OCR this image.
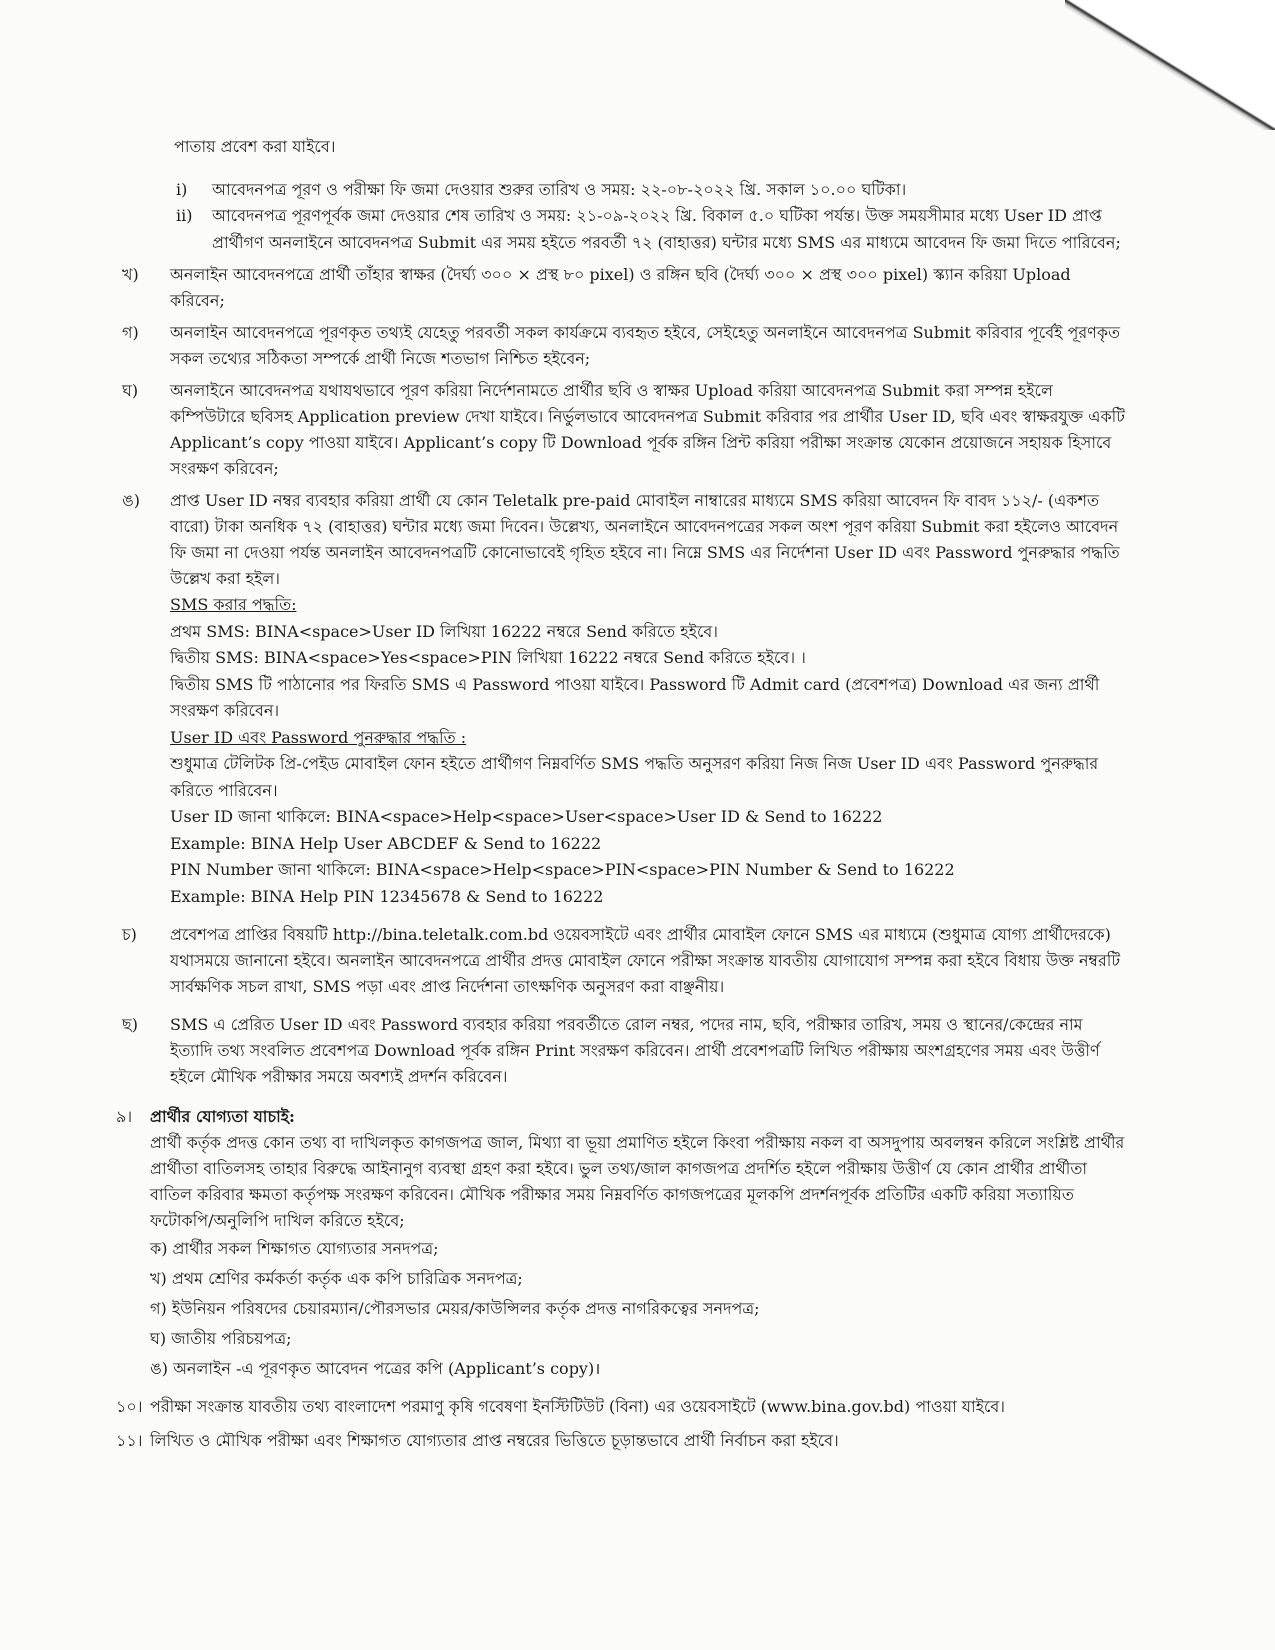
পাতায় প্রবেশ করা যাইবে।

i)	আবেদনপত্র পূরণ ও পরীক্ষা ফি জমা দেওয়ার শুরুর তারিখ ও সময়: ২২-০৮-২০২২ খ্রি. সকাল ১০.০০ ঘটিকা।
ii)	আবেদনপত্র পূরণপূর্বক জমা দেওয়ার শেষ তারিখ ও সময়: ২১-০৯-২০২২ খ্রি. বিকাল ৫.০ ঘটিকা পর্যন্ত। উক্ত সময়সীমার মধ্যে User ID প্রাপ্ত প্রার্থীগণ অনলাইনে আবেদনপত্র Submit এর সময় হইতে পরবর্তী ৭২ (বাহাত্তর) ঘন্টার মধ্যে SMS এর মাধ্যমে আবেদন ফি জমা দিতে পারিবেন;
খ)	অনলাইন আবেদনপত্রে প্রার্থী তাঁহার স্বাক্ষর (দৈর্ঘ্য ৩০০ × প্রস্থ ৮০ pixel) ও রঙ্গিন ছবি (দৈর্ঘ্য ৩০০ × প্রস্থ ৩০০ pixel) স্ক্যান করিয়া Upload করিবেন;
গ)	অনলাইন আবেদনপত্রে পূরণকৃত তথ্যই যেহেতু পরবর্তী সকল কার্যক্রমে ব্যবহৃত হইবে, সেইহেতু অনলাইনে আবেদনপত্র Submit করিবার পূর্বেই পূরণকৃত সকল তথ্যের সঠিকতা সম্পর্কে প্রার্থী নিজে শতভাগ নিশ্চিত হইবেন;
ঘ)	অনলাইনে আবেদনপত্র যথাযথভাবে পূরণ করিয়া নির্দেশনামতে প্রার্থীর ছবি ও স্বাক্ষর Upload করিয়া আবেদনপত্র Submit করা সম্পন্ন হইলে কম্পিউটারে ছবিসহ Application preview দেখা যাইবে। নির্ভুলভাবে আবেদনপত্র Submit করিবার পর প্রার্থীর User ID, ছবি এবং স্বাক্ষরযুক্ত একটি Applicant’s copy পাওয়া যাইবে। Applicant’s copy টি Download পূর্বক রঙ্গিন প্রিন্ট করিয়া পরীক্ষা সংক্রান্ত যেকোন প্রয়োজনে সহায়ক হিসাবে সংরক্ষণ করিবেন;
ঙ)	প্রাপ্ত User ID নম্বর ব্যবহার করিয়া প্রার্থী যে কোন Teletalk pre-paid মোবাইল নাম্বারের মাধ্যমে SMS করিয়া আবেদন ফি বাবদ ১১২/- (একশত বারো) টাকা অনধিক ৭২ (বাহাত্তর) ঘন্টার মধ্যে জমা দিবেন। উল্লেখ্য, অনলাইনে আবেদনপত্রের সকল অংশ পূরণ করিয়া Submit করা হইলেও আবেদন ফি জমা না দেওয়া পর্যন্ত অনলাইন আবেদনপত্রটি কোনোভাবেই গৃহিত হইবে না। নিম্নে SMS এর নির্দেশনা User ID এবং Password পুনরুদ্ধার পদ্ধতি উল্লেখ করা হইল।
SMS করার পদ্ধতি:
প্রথম SMS: BINA<space>User ID লিখিয়া 16222 নম্বরে Send করিতে হইবে।
দ্বিতীয় SMS: BINA<space>Yes<space>PIN লিখিয়া 16222 নম্বরে Send করিতে হইবে। ।
দ্বিতীয় SMS টি পাঠানোর পর ফিরতি SMS এ Password পাওয়া যাইবে। Password টি Admit card (প্রবেশপত্র) Download এর জন্য প্রার্থী সংরক্ষণ করিবেন।
User ID এবং Password পুনরুদ্ধার পদ্ধতি :
শুধুমাত্র টেলিটক প্রি-পেইড মোবাইল ফোন হইতে প্রার্থীগণ নিম্নবর্ণিত SMS পদ্ধতি অনুসরণ করিয়া নিজ নিজ User ID এবং Password পুনরুদ্ধার করিতে পারিবেন।
User ID জানা থাকিলে: BINA<space>Help<space>User<space>User ID & Send to 16222
Example: BINA Help User ABCDEF & Send to 16222
PIN Number জানা থাকিলে: BINA<space>Help<space>PIN<space>PIN Number & Send to 16222
Example: BINA Help PIN 12345678 & Send to 16222
চ)	প্রবেশপত্র প্রাপ্তির বিষয়টি http://bina.teletalk.com.bd ওয়েবসাইটে এবং প্রার্থীর মোবাইল ফোনে SMS এর মাধ্যমে (শুধুমাত্র যোগ্য প্রার্থীদেরকে) যথাসময়ে জানানো হইবে। অনলাইন আবেদনপত্রে প্রার্থীর প্রদত্ত মোবাইল ফোনে পরীক্ষা সংক্রান্ত যাবতীয় যোগাযোগ সম্পন্ন করা হইবে বিধায় উক্ত নম্বরটি সার্বক্ষণিক সচল রাখা, SMS পড়া এবং প্রাপ্ত নির্দেশনা তাৎক্ষণিক অনুসরণ করা বাঞ্ছনীয়।
ছ)	SMS এ প্রেরিত User ID এবং Password ব্যবহার করিয়া পরবর্তীতে রোল নম্বর, পদের নাম, ছবি, পরীক্ষার তারিখ, সময় ও স্থানের/কেন্দ্রের নাম ইত্যাদি তথ্য সংবলিত প্রবেশপত্র Download পূর্বক রঙ্গিন Print সংরক্ষণ করিবেন। প্রার্থী প্রবেশপত্রটি লিখিত পরীক্ষায় অংশগ্রহণের সময় এবং উত্তীর্ণ হইলে মৌখিক পরীক্ষার সময়ে অবশ্যই প্রদর্শন করিবেন।
৯।	প্রার্থীর যোগ্যতা যাচাই:
প্রার্থী কর্তৃক প্রদত্ত কোন তথ্য বা দাখিলকৃত কাগজপত্র জাল, মিথ্যা বা ভূয়া প্রমাণিত হইলে কিংবা পরীক্ষায় নকল বা অসদুপায় অবলম্বন করিলে সংশ্লিষ্ট প্রার্থীর প্রার্থীতা বাতিলসহ তাহার বিরুদ্ধে আইনানুগ ব্যবস্থা গ্রহণ করা হইবে। ভুল তথ্য/জাল কাগজপত্র প্রদর্শিত হইলে পরীক্ষায় উত্তীর্ণ যে কোন প্রার্থীর প্রার্থীতা বাতিল করিবার ক্ষমতা কর্তৃপক্ষ সংরক্ষণ করিবেন। মৌখিক পরীক্ষার সময় নিম্নবর্ণিত কাগজপত্রের মূলকপি প্রদর্শনপূর্বক প্রতিটির একটি করিয়া সত্যায়িত ফটোকপি/অনুলিপি দাখিল করিতে হইবে;
ক) প্রার্থীর সকল শিক্ষাগত যোগ্যতার সনদপত্র;
খ) প্রথম শ্রেণির কর্মকর্তা কর্তৃক এক কপি চারিত্রিক সনদপত্র;
গ) ইউনিয়ন পরিষদের চেয়ারম্যান/পৌরসভার মেয়র/কাউন্সিলর কর্তৃক প্রদত্ত নাগরিকত্বের সনদপত্র;
ঘ) জাতীয় পরিচয়পত্র;
ঙ) অনলাইন -এ পূরণকৃত আবেদন পত্রের কপি (Applicant’s copy)।
১০। পরীক্ষা সংক্রান্ত যাবতীয় তথ্য বাংলাদেশ পরমাণু কৃষি গবেষণা ইনস্টিটিউট (বিনা) এর ওয়েবসাইটে (www.bina.gov.bd) পাওয়া যাইবে।
১১। লিখিত ও মৌখিক পরীক্ষা এবং শিক্ষাগত যোগ্যতার প্রাপ্ত নম্বরের ভিত্তিতে চূড়ান্তভাবে প্রার্থী নির্বাচন করা হইবে।
